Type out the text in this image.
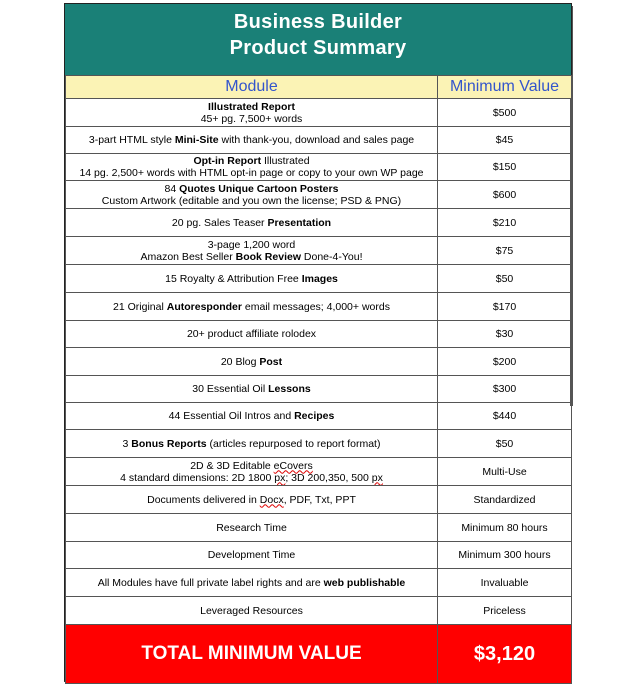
Business Builder
Product Summary
Module	Minimum Value

Illustrated Report
45+ pg. 7,500+ words	$500

3-part HTML style Mini-Site with thank-you, download and sales page	$45

Opt-in Report Illustrated
14 pg. 2,500+ words with HTML opt-in page or copy to your own WP page	$150

84 Quotes Unique Cartoon Posters
Custom Artwork (editable and you own the license; PSD & PNG)	$600

20 pg. Sales Teaser Presentation	$210

3-page 1,200 word
Amazon Best Seller Book Review Done-4-You!	$75

15 Royalty & Attribution Free Images	$50

21 Original Autoresponder email messages; 4,000+ words	$170

20+ product affiliate rolodex	$30

20 Blog Post	$200

30 Essential Oil Lessons	$300

44 Essential Oil Intros and Recipes	$440

3 Bonus Reports (articles repurposed to report format)	$50

2D & 3D Editable eCovers
4 standard dimensions: 2D 1800 px; 3D 200,350, 500 px	Multi-Use

Documents delivered in Docx, PDF, Txt, PPT	Standardized

Research Time	Minimum 80 hours

Development Time	Minimum 300 hours

All Modules have full private label rights and are web publishable	Invaluable

Leveraged Resources	Priceless
TOTAL MINIMUM VALUE	$3,120
